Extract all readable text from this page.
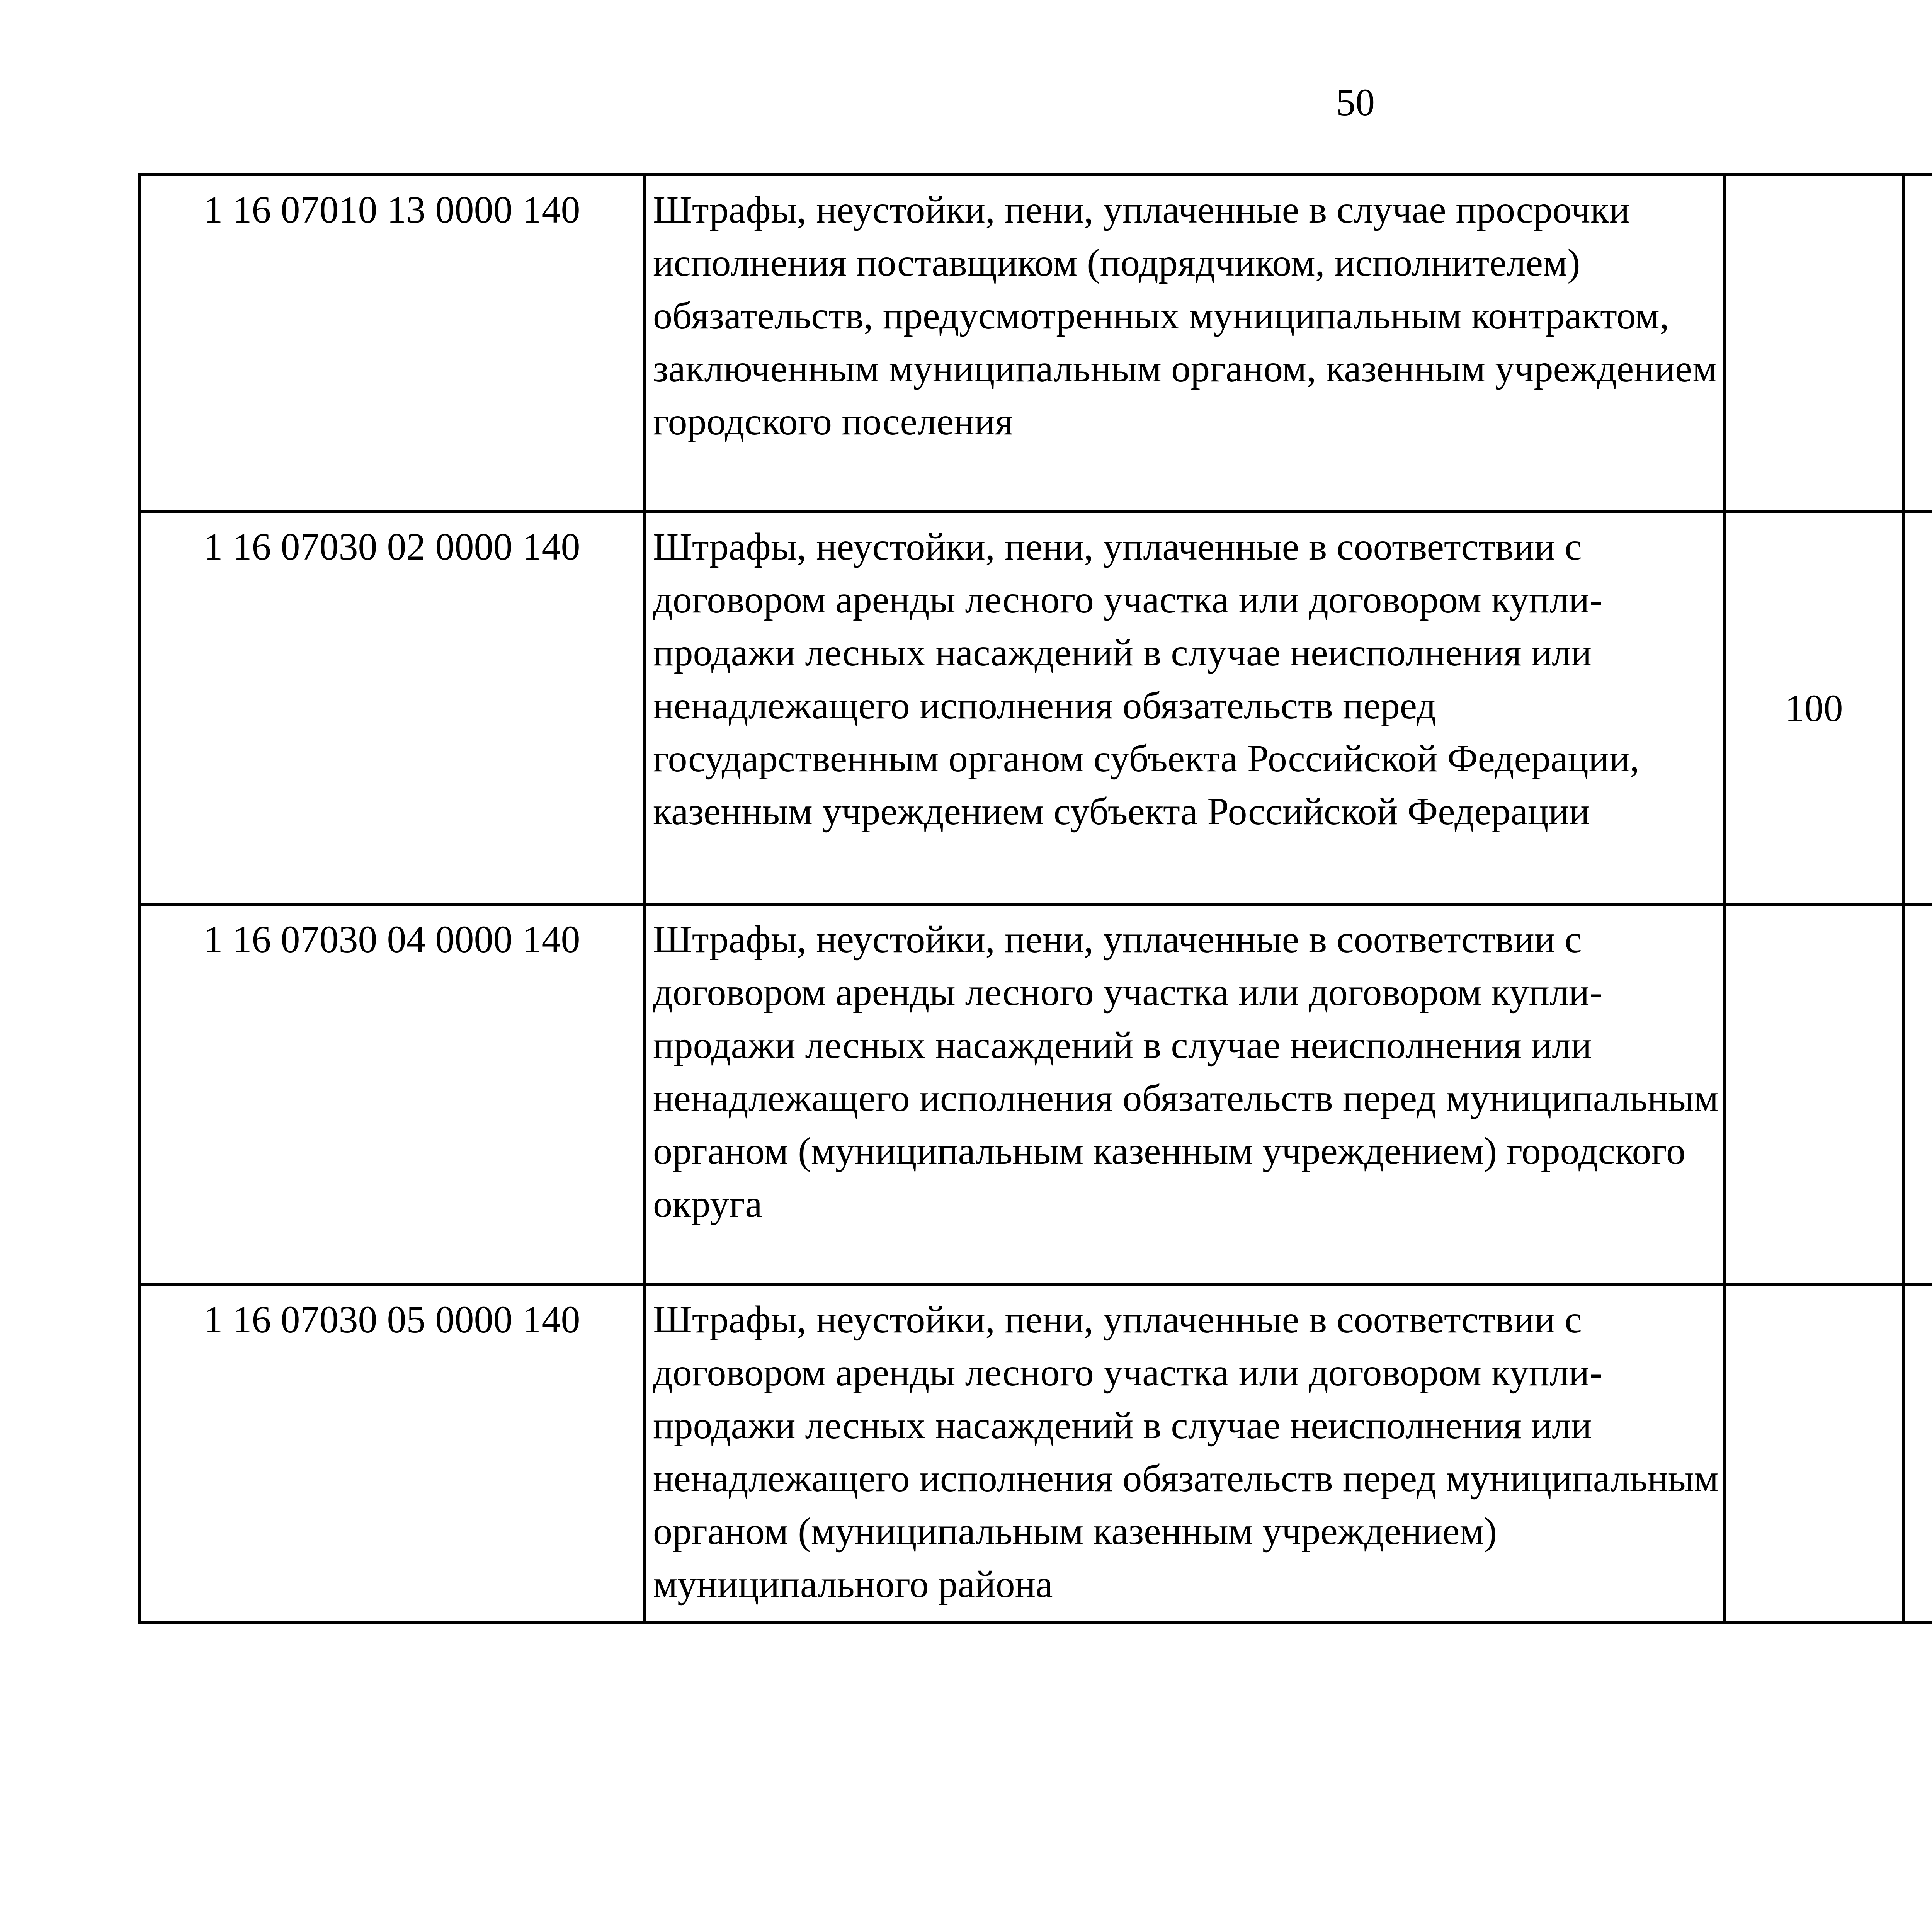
50
1 16 07010 13 0000 140	Штрафы, неустойки, пени, уплаченные в случае просрочки исполнения поставщиком (подрядчиком, исполнителем) обязательств, предусмотренных муниципальным контрактом, заключенным муниципальным органом, казенным учреждением городского поселения					
1 16 07030 02 0000 140	Штрафы, неустойки, пени, уплаченные в соответствии с договором аренды лесного участка или договором купли-продажи лесных насаждений в случае неисполнения или ненадлежащего исполнения обязательств перед государственным органом субъекта Российской Федерации, казенным учреждением субъекта Российской Федерации	100				
1 16 07030 04 0000 140	Штрафы, неустойки, пени, уплаченные в соответствии с договором аренды лесного участка или договором купли-продажи лесных насаждений в случае неисполнения или ненадлежащего исполнения обязательств перед муниципальным органом (муниципальным казенным учреждением) городского округа					
1 16 07030 05 0000 140	Штрафы, неустойки, пени, уплаченные в соответствии с договором аренды лесного участка или договором купли-продажи лесных насаждений в случае неисполнения или ненадлежащего исполнения обязательств перед муниципальным органом (муниципальным казенным учреждением) муниципального района					
